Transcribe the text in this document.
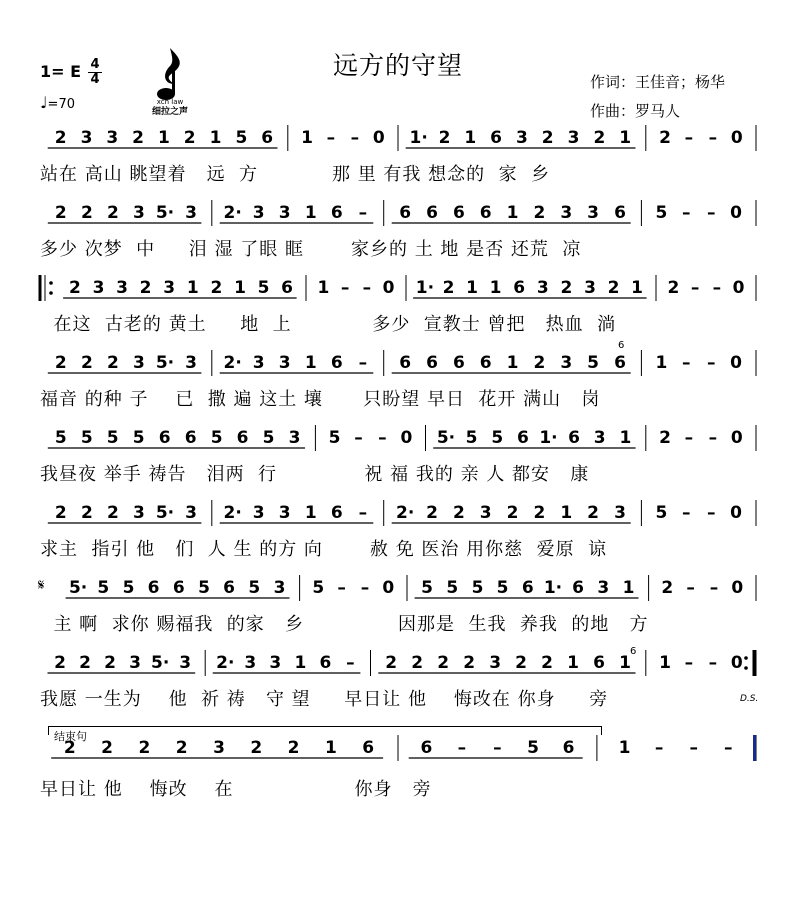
远方的守望
1= E $\frac{4}{4}$
♩=70	xch law
细拉之声
作词：王佳音；杨华
作曲：罗马人
2 3 3 2 1 2 1 5 6 1 – – 0 1· 2 1 6 3 2 3 2 1 2 – – 0
站在 高山 眺望着   远  方           那 里 有我 想念的  家  乡
2 2 2 3 5· 3 2· 3 3 1 6 – 6 6 6 6 1 2 3 3 6 5 – – 0
多少 次梦  中     泪 湿 了眼 眶       家乡的 土 地 是否 还荒  凉
2 3 3 2 3 1 2 1 5 6 1 – – 0 1· 2 1 1 6 3 2 3 2 1 2 – – 0
在这  古老的 黄土     地  上            多少  宣教士 曾把   热血  淌
2 2 2 3 5· 3 2· 3 3 1 6 – 6 6 6 6 1 2 3 5 6 1 – – 0
福音 的种 子    已  撒 遍 这土 壤      只盼望 早日  花开 满山   岗
5 5 5 5 6 6 5 6 5 3 5 – – 0 5· 5 5 6 1· 6 3 1 2 – – 0
我昼夜 举手 祷告   泪两  行             祝 福 我的 亲 人 都安   康
2 2 2 3 5· 3 2· 3 3 1 6 – 2· 2 2 3 2 2 1 2 3 5 – – 0
求主  指引 他   们  人 生 的方 向       赦 免 医治 用你慈  爱原  谅
5· 5 5 6 6 5 6 5 3 5 – – 0 5 5 5 5 6 1· 6 3 1 2 – – 0
主 啊  求你 赐福我  的家   乡              因那是  生我  养我  的地   方
2 2 2 3 5· 3 2· 3 3 1 6 – 2 2 2 2 3 2 2 1 6 1 1 – – 0
我愿 一生为    他  祈 祷   守 望     早日让 他    悔改在 你身     旁
2 2 2 2 3 2 2 1 6	6 – – 5 6	1 – – –
早日让 他    悔改    在                  你身   旁
𝄋
6
6
D.S.
结束句
